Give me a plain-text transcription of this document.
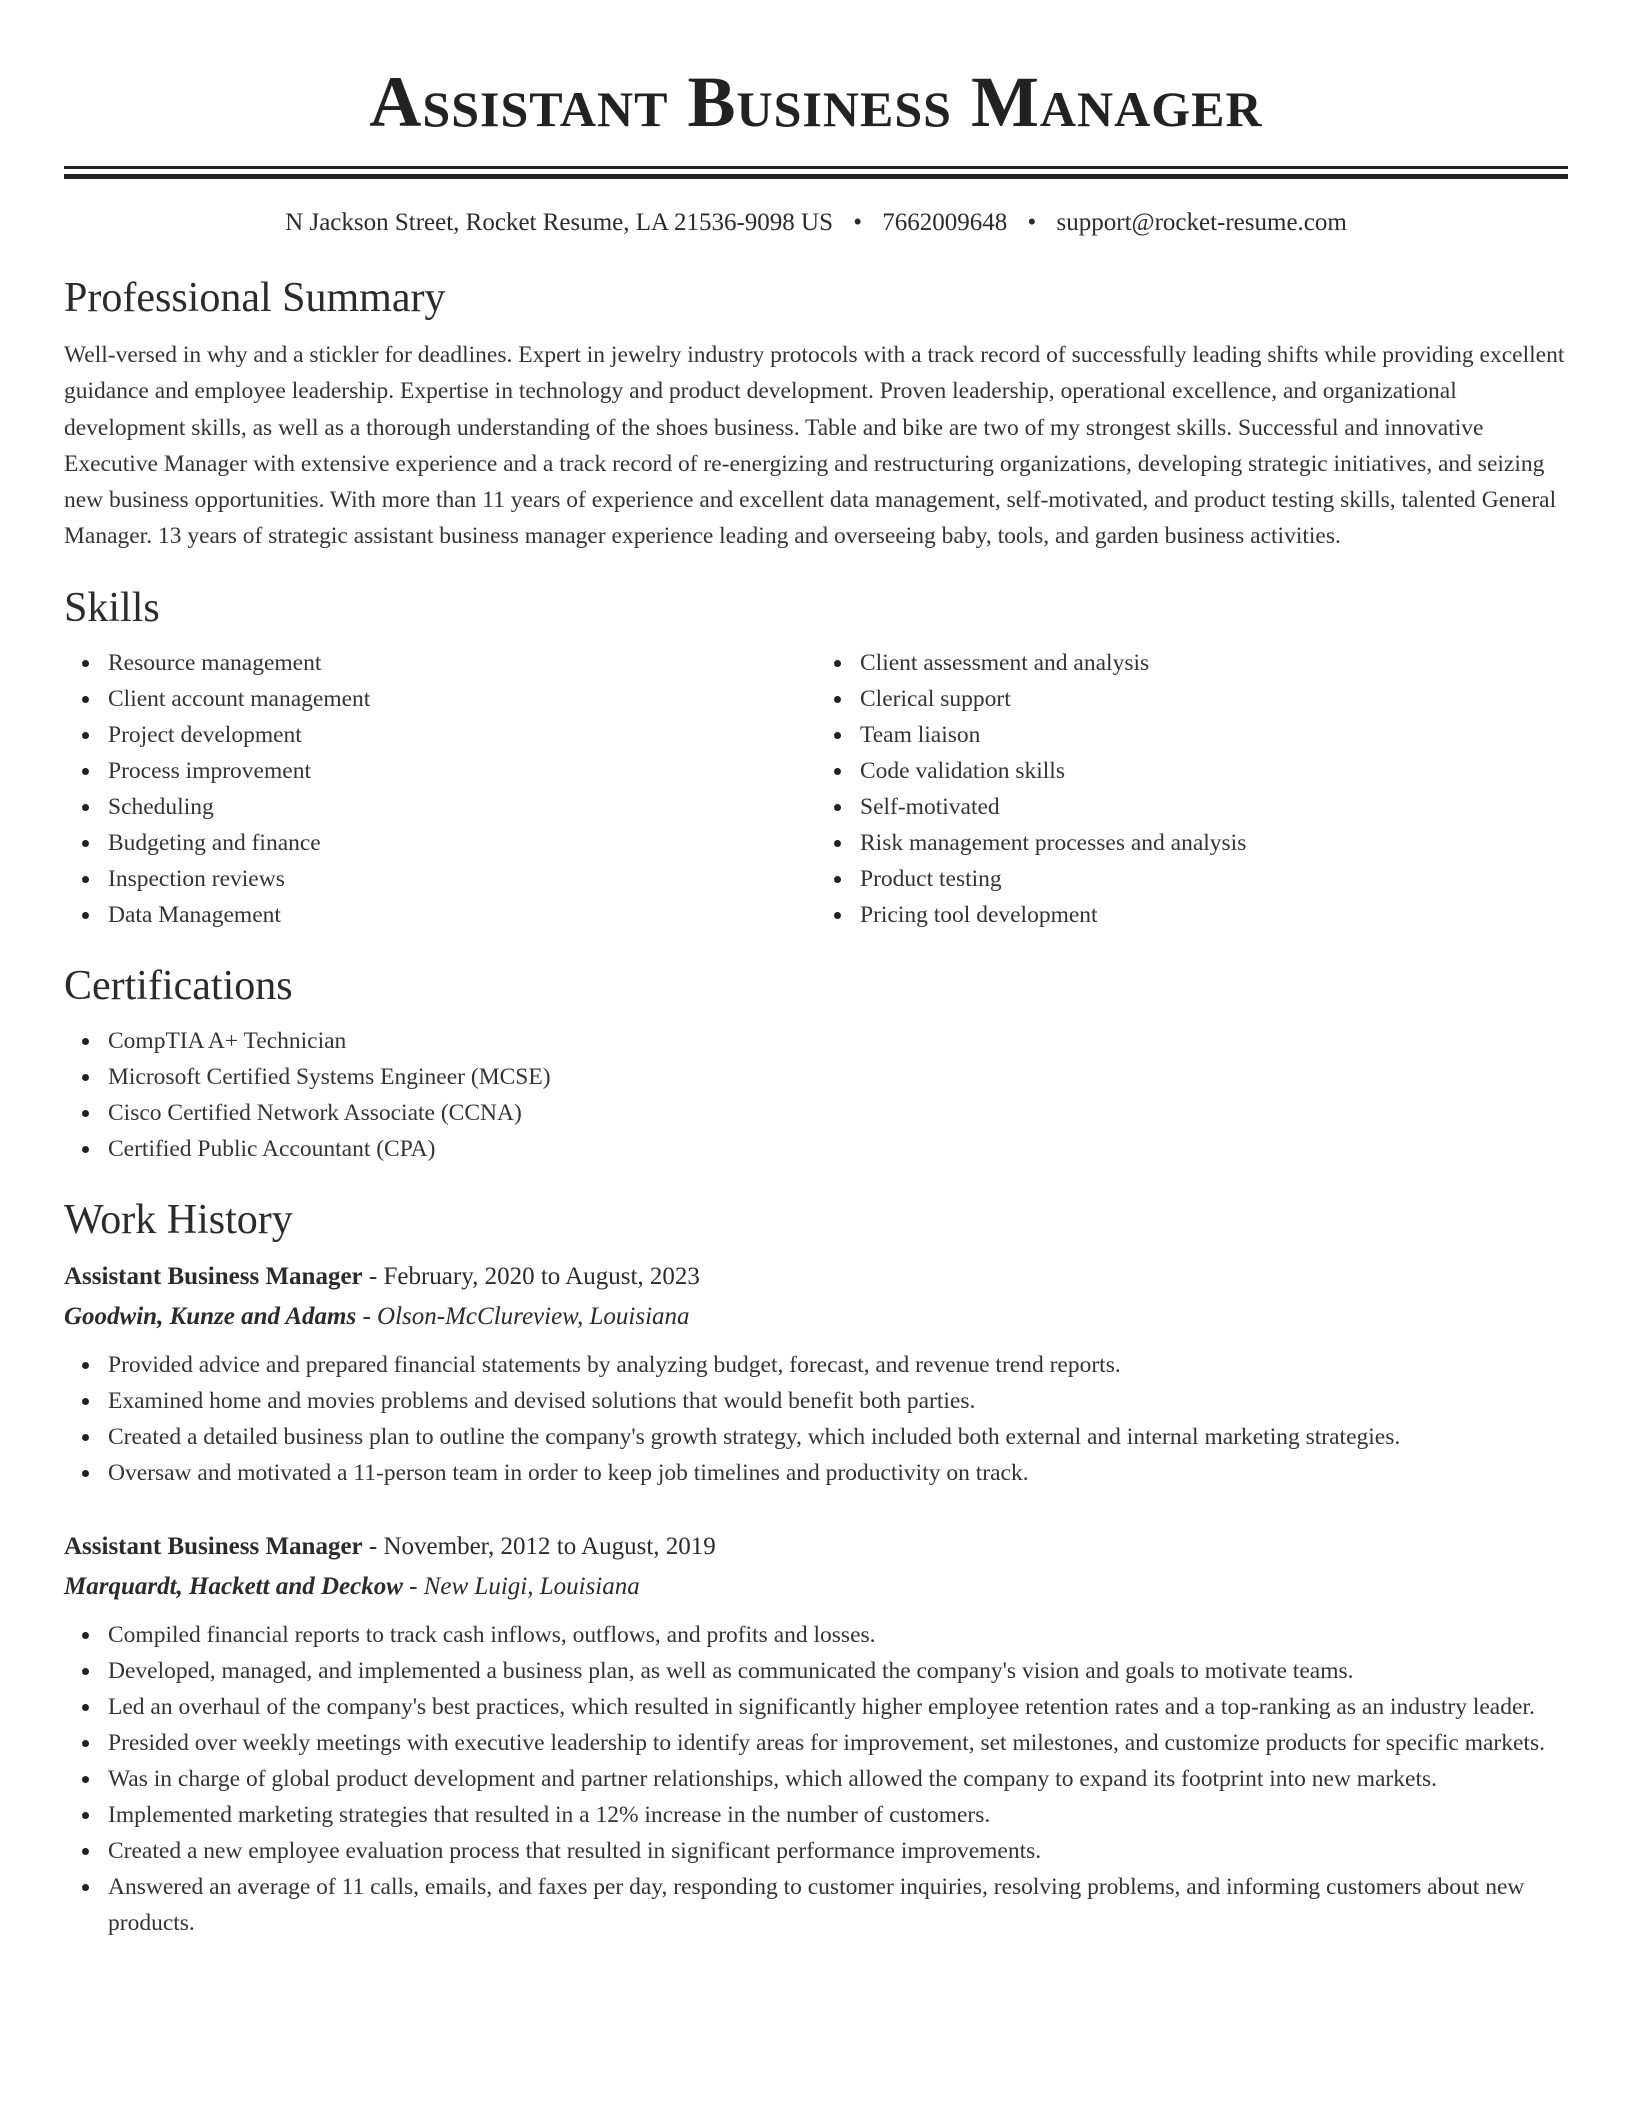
Assistant Business Manager
N Jackson Street, Rocket Resume, LA 21536-9098 US • 7662009648 • support@rocket-resume.com
Professional Summary

Well-versed in why and a stickler for deadlines. Expert in jewelry industry protocols with a track record of successfully leading shifts while providing excellent guidance and employee leadership. Expertise in technology and product development. Proven leadership, operational excellence, and organizational development skills, as well as a thorough understanding of the shoes business. Table and bike are two of my strongest skills. Successful and innovative Executive Manager with extensive experience and a track record of re-energizing and restructuring organizations, developing strategic initiatives, and seizing new business opportunities. With more than 11 years of experience and excellent data management, self-motivated, and product testing skills, talented General Manager. 13 years of strategic assistant business manager experience leading and overseeing baby, tools, and garden business activities.

Skills
Resource management
Client account management
Project development
Process improvement
Scheduling
Budgeting and finance
Inspection reviews
Data Management
Client assessment and analysis
Clerical support
Team liaison
Code validation skills
Self-motivated
Risk management processes and analysis
Product testing
Pricing tool development
Certifications
CompTIA A+ Technician
Microsoft Certified Systems Engineer (MCSE)
Cisco Certified Network Associate (CCNA)
Certified Public Accountant (CPA)
Work History
Assistant Business Manager - February, 2020 to August, 2023
Goodwin, Kunze and Adams - Olson-McClureview, Louisiana
Provided advice and prepared financial statements by analyzing budget, forecast, and revenue trend reports.
Examined home and movies problems and devised solutions that would benefit both parties.
Created a detailed business plan to outline the company's growth strategy, which included both external and internal marketing strategies.
Oversaw and motivated a 11-person team in order to keep job timelines and productivity on track.
Assistant Business Manager - November, 2012 to August, 2019
Marquardt, Hackett and Deckow - New Luigi, Louisiana
Compiled financial reports to track cash inflows, outflows, and profits and losses.
Developed, managed, and implemented a business plan, as well as communicated the company's vision and goals to motivate teams.
Led an overhaul of the company's best practices, which resulted in significantly higher employee retention rates and a top-ranking as an industry leader.
Presided over weekly meetings with executive leadership to identify areas for improvement, set milestones, and customize products for specific markets.
Was in charge of global product development and partner relationships, which allowed the company to expand its footprint into new markets.
Implemented marketing strategies that resulted in a 12% increase in the number of customers.
Created a new employee evaluation process that resulted in significant performance improvements.
Answered an average of 11 calls, emails, and faxes per day, responding to customer inquiries, resolving problems, and informing customers about new products.
